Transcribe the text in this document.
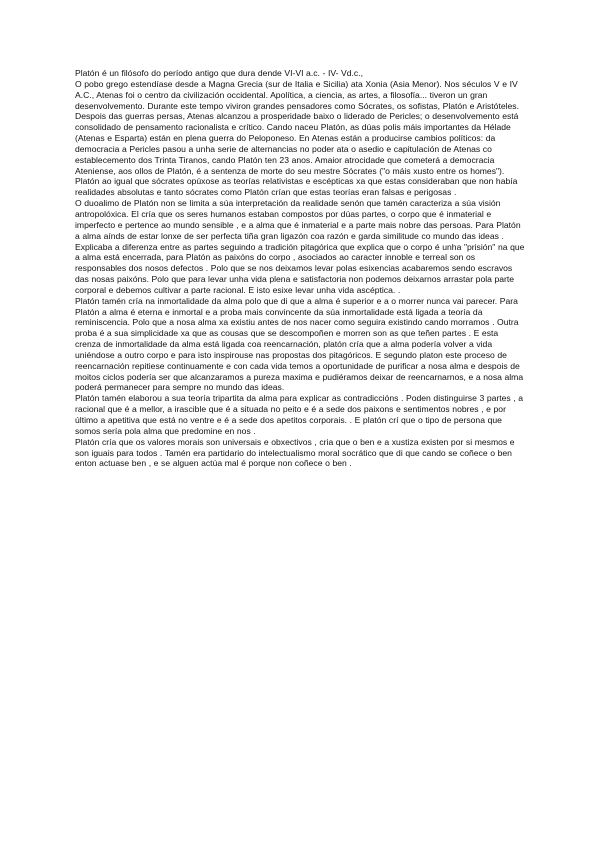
Platón é un filósofo do período antigo que dura dende VI-VI a.c. - IV- Vd.c.,

O pobo grego estendíase desde a Magna Grecia (sur de Italia e Sicilia) ata Xonia (Asia Menor). Nos séculos V e IV A.C., Atenas foi o centro da civilización occidental. Apolítica, a ciencia, as artes, a filosofía... tiveron un gran desenvolvemento. Durante este tempo viviron grandes pensadores como Sócrates, os sofistas, Platón e Aristóteles. Despois das guerras persas, Atenas alcanzou a prosperidade baixo o liderado de Pericles; o desenvolvemento está consolidado de pensamento racionalista e crítico. Cando naceu Platón, as dúas polis máis importantes da Hélade (Atenas e Esparta) están en plena guerra do Peloponeso. En Atenas están a producirse cambios políticos: da democracia a Pericles pasou a unha serie de alternancias no poder ata o asedio e capitulación de Atenas co establecemento dos Trinta Tiranos, cando Platón ten 23 anos. Amaior atrocidade que cometerá a democracia Ateniense, aos ollos de Platón, é a sentenza de morte do seu mestre Sócrates ("o máis xusto entre os homes"). Platón ao igual que sócrates opúxose as teorías relativistas e escépticas xa que estas consideraban que non había realidades absolutas e tanto sócrates como Platón crían que estas teorías eran falsas e perigosas .

O duoalimo de Platón non se limita a súa interpretación da realidade senón que tamén caracteriza a súa visión antropolóxica. El cría que os seres humanos estaban compostos por dúas partes, o corpo que é inmaterial e imperfecto e pertence ao mundo sensible , e a alma que é inmaterial e a parte mais nobre das persoas. Para Platón a alma aínds de estar lonxe de ser perfecta tiña gran ligazón coa razón e garda similitude co mundo das ideas . Explicaba a diferenza entre as partes seguindo a tradición pitagórica que explica que o corpo é unha "prisión" na que a alma está encerrada, para Platón as paixóns do corpo , asociados ao caracter innoble e terreal son os responsables dos nosos defectos . Polo que se nos deixamos levar polas esixencias acabaremos sendo escravos das nosas paixóns. Polo que para levar unha vida plena e satisfactoria non podemos deixarnos arrastar pola parte corporal e debemos cultivar a parte racional. E isto esixe levar unha vida ascéptica. .

Platón tamén cría na inmortalidade da alma polo que di que a alma é superior e a o morrer nunca vai parecer. Para Platón a alma é eterna e inmortal e a proba mais convincente da súa inmortalidade está ligada a teoría da reminiscencia. Polo que a nosa alma xa existiu antes de nos nacer como seguira existindo cando morramos . Outra proba é a sua simplicidade xa que as cousas que se descompoñen e morren son as que teñen partes . E esta crenza de inmortalidade da alma está ligada coa reencarnación, platón cría que a alma podería volver a vida uniéndose a outro corpo e para isto inspirouse nas propostas dos pitagóricos. E segundo platon este proceso de reencarnación repitiese continuamente e con cada vida temos a oportunidade de purificar a nosa alma e despois de moitos ciclos podería ser que alcanzaramos a pureza maxima e pudiéramos deixar de reencarnarnos, e a nosa alma poderá permanecer para sempre no mundo das ideas.

Platón tamén elaborou a sua teoría tripartita da alma para explicar as contradiccións . Poden distinguirse 3 partes , a racional que é a mellor, a irascible que é a situada no peito e é a sede dos paixons e sentimentos nobres , e por último a apetitiva que está no ventre e é a sede dos apetitos corporais. . E platón crí que o tipo de persona que somos sería pola alma que predomine en nos .

Platón cría que os valores morais son universais e obxectivos , cria que o ben e a xustiza existen por si mesmos e son iguais para todos . Tamén era partidario do intelectualismo moral socrático que di que cando se coñece o ben enton actuase ben , e se alguen actúa mal é porque non coñece o ben .
